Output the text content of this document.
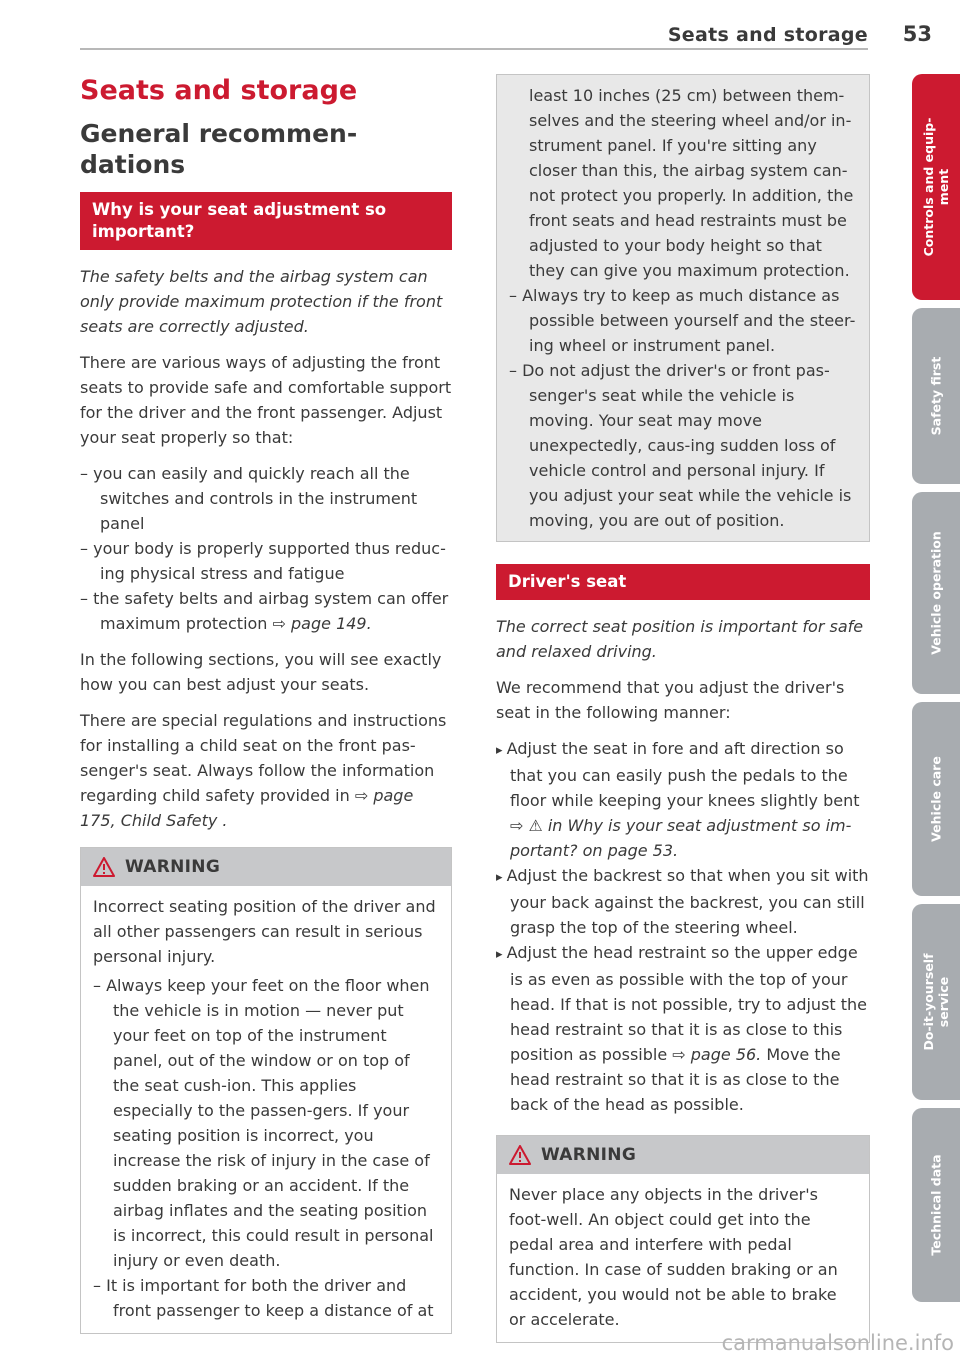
Seats and storage 53
Seats and storage
General recommen-dations
Why is your seat adjustment so important?
The safety belts and the airbag system can only provide maximum protection if the front seats are correctly adjusted.
There are various ways of adjusting the front seats to provide safe and comfortable support for the driver and the front passenger. Adjust your seat properly so that:
– you can easily and quickly reach all the switches and controls in the instrument panel
– your body is properly supported thus reduc-ing physical stress and fatigue
– the safety belts and airbag system can offer maximum protection ⇨ page 149.
In the following sections, you will see exactly how you can best adjust your seats.
There are special regulations and instructions for installing a child seat on the front pas-senger's seat. Always follow the information regarding child safety provided in ⇨ page 175, Child Safety .
WARNING
Incorrect seating position of the driver and all other passengers can result in serious personal injury.
– Always keep your feet on the floor when the vehicle is in motion — never put your feet on top of the instrument panel, out of the window or on top of the seat cush-ion. This applies especially to the passen-gers. If your seating position is incorrect, you increase the risk of injury in the case of sudden braking or an accident. If the airbag inflates and the seating position is incorrect, this could result in personal injury or even death.
– It is important for both the driver and front passenger to keep a distance of at
least 10 inches (25 cm) between them-selves and the steering wheel and/or in-strument panel. If you're sitting any closer than this, the airbag system can-not protect you properly. In addition, the front seats and head restraints must be adjusted to your body height so that they can give you maximum protection.
– Always try to keep as much distance as possible between yourself and the steer-ing wheel or instrument panel.
– Do not adjust the driver's or front pas-senger's seat while the vehicle is moving. Your seat may move unexpectedly, caus-ing sudden loss of vehicle control and personal injury. If you adjust your seat while the vehicle is moving, you are out of position.
Driver's seat
The correct seat position is important for safe and relaxed driving.
We recommend that you adjust the driver's seat in the following manner:
▸ Adjust the seat in fore and aft direction so that you can easily push the pedals to the floor while keeping your knees slightly bent ⇨ ⚠ in Why is your seat adjustment so im-portant? on page 53.
▸ Adjust the backrest so that when you sit with your back against the backrest, you can still grasp the top of the steering wheel.
▸ Adjust the head restraint so the upper edge is as even as possible with the top of your head. If that is not possible, try to adjust the head restraint so that it is as close to this position as possible ⇨ page 56. Move the head restraint so that it is as close to the back of the head as possible.
WARNING
Never place any objects in the driver's foot-well. An object could get into the pedal area and interfere with pedal function. In case of sudden braking or an accident, you would not be able to brake or accelerate.
Controls and equip-
ment
Safety first
Vehicle operation
Vehicle care
Do-it-yourself
service
Technical data
carmanualsonline.info
